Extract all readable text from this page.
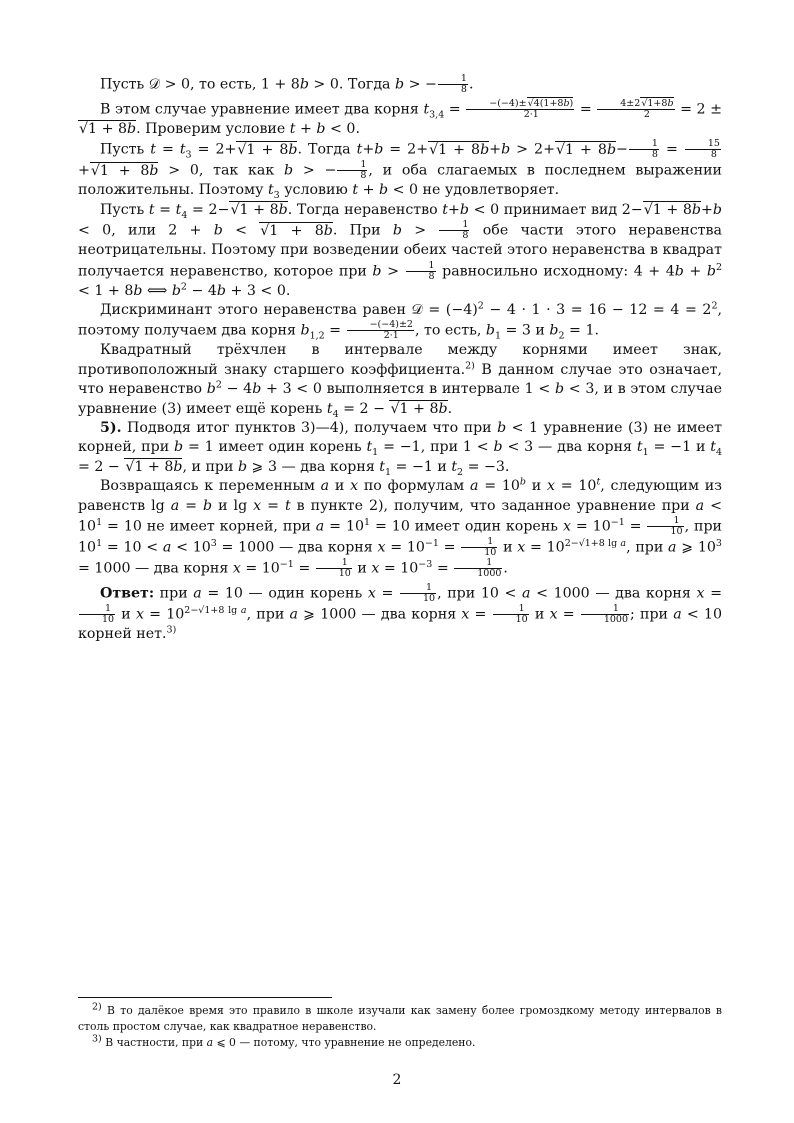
Пусть 𝒟 > 0, то есть, 1 + 8b > 0. Тогда b > − $\frac{1}{8}$ .

В этом случае уравнение имеет два корня $t_{3,4} = \frac{-(-4)\pm√4(1+8b)}{2\cdot 1} = \frac{4\pm 2√1+8b}{2} = 2 \pm √1 + 8b$. Проверим условие t + b < 0.

Пусть $t = t_3 = 2+√1 + 8b$. Тогда $t+b = 2+√1 + 8b+b > 2+√1 + 8b- \frac{1}{8} = \frac{15}{8}$
+√1 + 8b > 0, так как b > − $\frac{1}{8}$ , и оба слагаемых в последнем выражении положительны. Поэтому $t_3$ условию t + b < 0 не удовлетворяет.

Пусть $t = t_4 = 2-√1 + 8b$. Тогда неравенство t+b < 0 принимает вид 2−√1 + 8b+b < 0, или 2 + b < √1 + 8b. При $b > \frac{1}{8}$ обе части этого неравенства неотрицательны. Поэтому при возведении обеих частей этого неравенства в квадрат получается неравенство, которое при $b > \frac{1}{8}$ равносильно исходному: $4 + 4b + b^2 < 1 + 8b$ ⟺ $b^2 - 4b + 3 < 0$.

Дискриминант этого неравенства равен 𝒟 = $(-4)^2 - 4 \cdot 1 \cdot 3 = 16 - 12 = 4 = 2^2$, поэтому получаем два корня $b_{1,2} = \frac{-(-4)\pm 2}{2\cdot 1}$ , то есть, $b_1 = 3$ и $b_2 = 1$.

Квадратный трёхчлен в интервале между корнями имеет знак, противоположный знаку старшего коэффициента.$^{2)}$ В данном случае это означает, что неравенство $b^2 - 4b + 3 < 0$ выполняется в интервале 1 < b < 3, и в этом случае уравнение (3) имеет ещё корень $t_4 = 2 - √1 + 8b$.

5). Подводя итог пунктов 3)—4), получаем что при b < 1 уравнение (3) не имеет корней, при b = 1 имеет один корень $t_1 = -1$, при 1 < b < 3 — два корня $t_1 = -1$ и $t_4 = 2 - √1 + 8b$, и при b ⩾ 3 — два корня $t_1 = -1$ и $t_2 = -3$.

Возвращаясь к переменным a и x по формулам $a = 10^b$ и $x = 10^t$, следующим из равенств lg a = b и lg x = t в пункте 2), получим, что заданное уравнение при $a < 10^1 = 10$ не имеет корней, при $a = 10^1 = 10$ имеет один корень $x = 10^{-1} = \frac{1}{10}$ , при $10^1 = 10 < a < 10^3 = 1000$ — два корня $x = 10^{-1} = \frac{1}{10}$ и $x = 10^{2-√1+8 lg a}$, при a ⩾ $10^3 = 1000$ — два корня $x = 10^{-1} = \frac{1}{10}$ и $x = 10^{-3} = \frac{1}{1000}$ .

Ответ: при a = 10 — один корень $x = \frac{1}{10}$ , при 10 < a < 1000 — два корня x =
$\frac{1}{10}$ и $x = 10^{2-√1+8 lg a}$, при a ⩾ 1000 — два корня $x = \frac{1}{10}$ и $x = \frac{1}{1000}$ ; при a < 10 корней нет.$^{3)}$

$^{2)}$ В то далёкое время это правило в школе изучали как замену более громоздкому методу интервалов в столь простом случае, как квадратное неравенство.

$^{3)}$ В частности, при a ⩽ 0 — потому, что уравнение не определено.

2
